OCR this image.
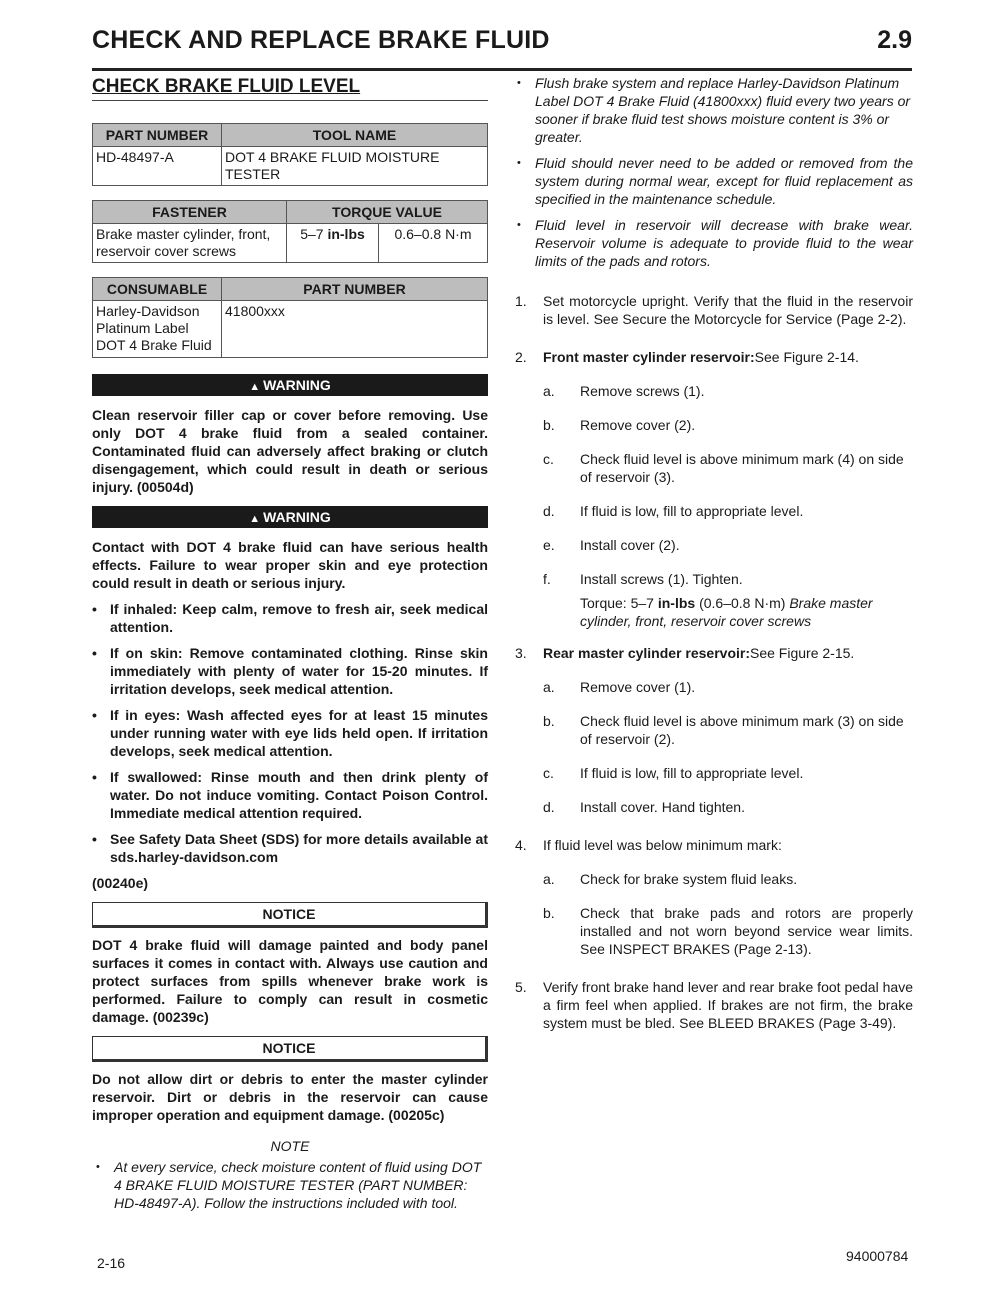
CHECK AND REPLACE BRAKE FLUID	2.9
CHECK BRAKE FLUID LEVEL
PART NUMBER	TOOL NAME
HD-48497-A	DOT 4 BRAKE FLUID MOISTURE TESTER
FASTENER	TORQUE VALUE	
Brake master cylinder, front, reservoir cover screws	5–7 in-lbs	0.6–0.8 N·m
CONSUMABLE	PART NUMBER
Harley-Davidson Platinum Label DOT 4 Brake Fluid	41800xxx
▲ WARNING

Clean reservoir filler cap or cover before removing. Use only DOT 4 brake fluid from a sealed container. Contaminated fluid can adversely affect braking or clutch disengagement, which could result in death or serious injury. (00504d)

▲ WARNING

Contact with DOT 4 brake fluid can have serious health effects. Failure to wear proper skin and eye protection could result in death or serious injury.

• If inhaled: Keep calm, remove to fresh air, seek medical attention.
• If on skin: Remove contaminated clothing. Rinse skin immediately with plenty of water for 15-20 minutes. If irritation develops, seek medical attention.
• If in eyes: Wash affected eyes for at least 15 minutes under running water with eye lids held open. If irritation develops, seek medical attention.
• If swallowed: Rinse mouth and then drink plenty of water. Do not induce vomiting. Contact Poison Control. Immediate medical attention required.
• See Safety Data Sheet (SDS) for more details available at sds.harley-davidson.com

(00240e)

NOTICE

DOT 4 brake fluid will damage painted and body panel surfaces it comes in contact with. Always use caution and protect surfaces from spills whenever brake work is performed. Failure to comply can result in cosmetic damage. (00239c)

NOTICE

Do not allow dirt or debris to enter the master cylinder reservoir. Dirt or debris in the reservoir can cause improper operation and equipment damage. (00205c)

NOTE
• At every service, check moisture content of fluid using DOT 4 BRAKE FLUID MOISTURE TESTER (PART NUMBER: HD-48497-A). Follow the instructions included with tool.
• Flush brake system and replace Harley-Davidson Platinum Label DOT 4 Brake Fluid (41800xxx) fluid every two years or sooner if brake fluid test shows moisture content is 3% or greater.
• Fluid should never need to be added or removed from the system during normal wear, except for fluid replacement as specified in the maintenance schedule.
• Fluid level in reservoir will decrease with brake wear. Reservoir volume is adequate to provide fluid to the wear limits of the pads and rotors.
1. Set motorcycle upright. Verify that the fluid in the reservoir is level. See Secure the Motorcycle for Service (Page 2-2).
2. Front master cylinder reservoir:See Figure 2-14.
a. Remove screws (1).
b. Remove cover (2).
c. Check fluid level is above minimum mark (4) on side of reservoir (3).
d. If fluid is low, fill to appropriate level.
e. Install cover (2).
f. Install screws (1). Tighten.
Torque: 5–7 in-lbs (0.6–0.8 N·m) Brake master cylinder, front, reservoir cover screws
3. Rear master cylinder reservoir:See Figure 2-15.
a. Remove cover (1).
b. Check fluid level is above minimum mark (3) on side of reservoir (2).
c. If fluid is low, fill to appropriate level.
d. Install cover. Hand tighten.
4. If fluid level was below minimum mark:
a. Check for brake system fluid leaks.
b. Check that brake pads and rotors are properly installed and not worn beyond service wear limits. See INSPECT BRAKES (Page 2-13).
5. Verify front brake hand lever and rear brake foot pedal have a firm feel when applied. If brakes are not firm, the brake system must be bled. See BLEED BRAKES (Page 3-49).
2-16	94000784
